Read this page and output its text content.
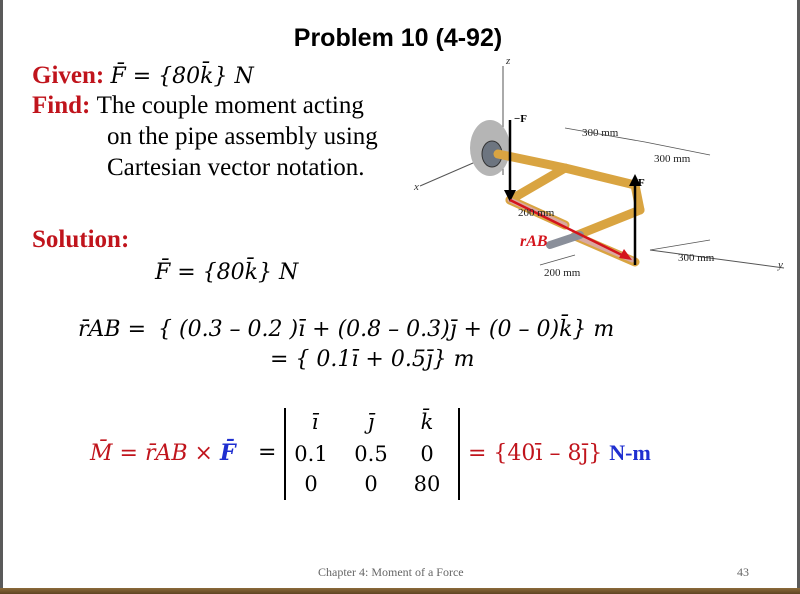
Problem 10 (4-92)
Given: F̄ = {80k̄} N
Find: The couple moment acting
on the pipe assembly using
Cartesian vector notation.
Solution:
F̄ = {80k̄} N
r̄AB = { (0.3 – 0.2 )ī + (0.8 – 0.3)j̄ + (0 – 0)k̄} m
= { 0.1ī + 0.5j̄} m
M̄ = r̄AB × F̄ =
ī	j̄	k̄
0.1	0.5	0
0	0	80
= {40ī – 8j̄} N-m
z
x
y
−F
F
rAB
300 mm
300 mm
200 mm
300 mm
200 mm
Chapter 4: Moment of a Force	43
